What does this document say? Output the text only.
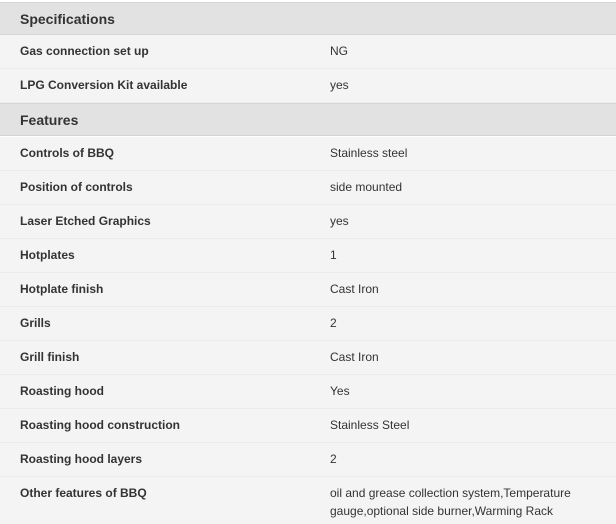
Specifications
Gas connection set up	NG
LPG Conversion Kit available	yes
Features
Controls of BBQ	Stainless steel
Position of controls	side mounted
Laser Etched Graphics	yes
Hotplates	1
Hotplate finish	Cast Iron
Grills	2
Grill finish	Cast Iron
Roasting hood	Yes
Roasting hood construction	Stainless Steel
Roasting hood layers	2
Other features of BBQ	oil and grease collection system,Temperature gauge,optional side burner,Warming Rack
